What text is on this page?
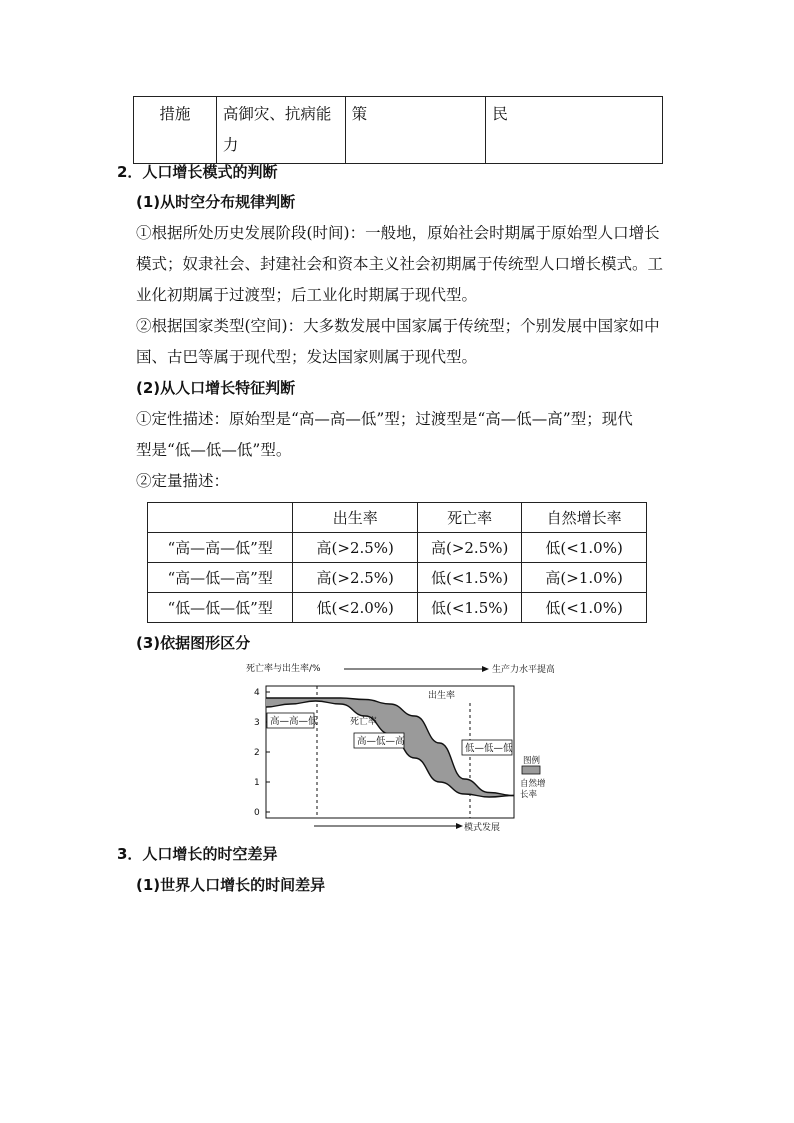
措施	高御灾、抗病能力	策	民
2．人口增长模式的判断
(1)从时空分布规律判断
①根据所处历史发展阶段(时间)：一般地，原始社会时期属于原始型人口增长
模式；奴隶社会、封建社会和资本主义社会初期属于传统型人口增长模式。工
业化初期属于过渡型；后工业化时期属于现代型。
②根据国家类型(空间)：大多数发展中国家属于传统型；个别发展中国家如中
国、古巴等属于现代型；发达国家则属于现代型。
(2)从人口增长特征判断
①定性描述：原始型是“高—高—低”型；过渡型是“高—低—高”型；现代
型是“低—低—低”型。
②定量描述：
	出生率	死亡率	自然增长率
“高—高—低”型	高(>2.5%)	高(>2.5%)	低(<1.0%)
“高—低—高”型	高(>2.5%)	低(<1.5%)	高(>1.0%)
“低—低—低”型	低(<2.0%)	低(<1.5%)	低(<1.0%)
(3)依据图形区分
死亡率与出生率/%	生产力水平提高
模式发展
0
1
2
3
4
高—高—低
高—低—高
低—低—低
出生率
死亡率
图例
自然增
长率
3．人口增长的时空差异
(1)世界人口增长的时间差异
